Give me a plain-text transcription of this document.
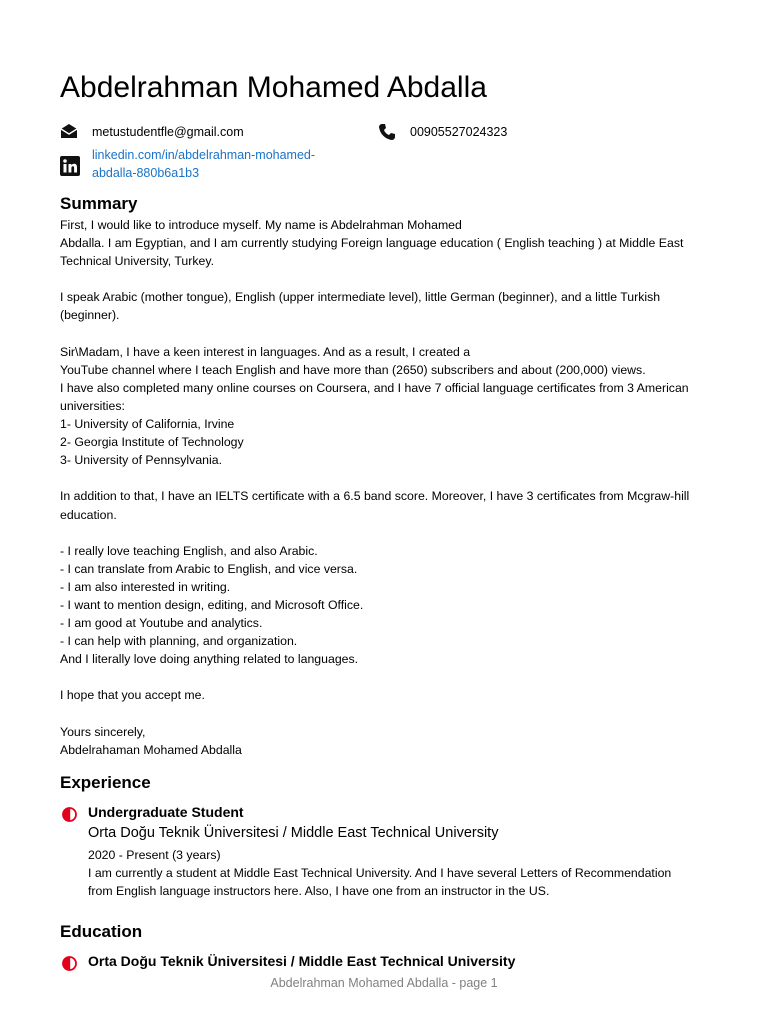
Abdelrahman Mohamed Abdalla
metustudentfle@gmail.com	00905527024323
linkedin.com/in/abdelrahman-mohamed-
abdalla-880b6a1b3
Summary

First, I would like to introduce myself. My name is Abdelrahman Mohamed
Abdalla. I am Egyptian, and I am currently studying Foreign language education ( English teaching ) at Middle East Technical University, Turkey.

I speak Arabic (mother tongue), English (upper intermediate level), little German (beginner), and a little Turkish (beginner).

Sir\Madam, I have a keen interest in languages. And as a result, I created a
YouTube channel where I teach English and have more than (2650) subscribers and about (200,000) views.
I have also completed many online courses on Coursera, and I have 7 official language certificates from 3 American universities:
1- University of California, Irvine
2- Georgia Institute of Technology
3- University of Pennsylvania.

In addition to that, I have an IELTS certificate with a 6.5 band score. Moreover, I have 3 certificates from Mcgraw-hill education.

- I really love teaching English, and also Arabic.
- I can translate from Arabic to English, and vice versa.
- I am also interested in writing.
- I want to mention design, editing, and Microsoft Office.
- I am good at Youtube and analytics.
- I can help with planning, and organization.
And I literally love doing anything related to languages.

I hope that you accept me.

Yours sincerely,
Abdelrahaman Mohamed Abdalla

Experience
Undergraduate Student
Orta Doğu Teknik Üniversitesi / Middle East Technical University
2020 - Present (3 years)
I am currently a student at Middle East Technical University. And I have several Letters of Recommendation from English language instructors here. Also, I have one from an instructor in the US.
Education
Orta Doğu Teknik Üniversitesi / Middle East Technical University
Abdelrahman Mohamed Abdalla - page 1
